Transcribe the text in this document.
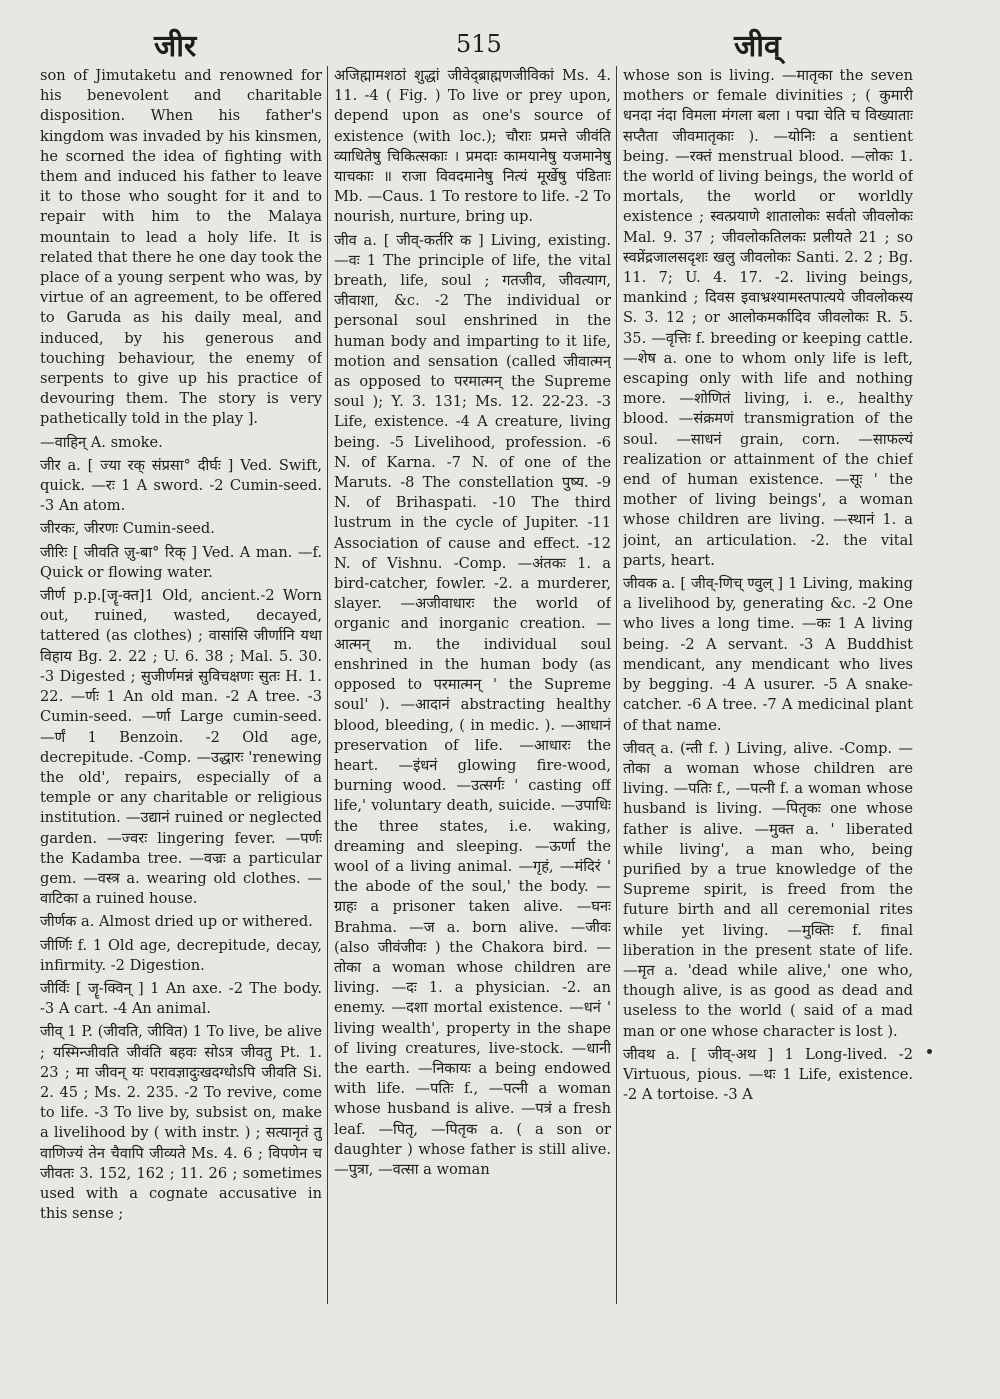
जीर	515	जीव्

son of Jimutaketu and renowned for his benevolent and charitable disposition. When his father's kingdom was invaded by his kinsmen, he scorned the idea of fighting with them and induced his father to leave it to those who sought for it and to repair with him to the Malaya mountain to lead a holy life. It is related that there he one day took the place of a young serpent who was, by virtue of an agreement, to be offered to Garuda as his daily meal, and induced, by his generous and touching behaviour, the enemy of serpents to give up his practice of devouring them. The story is very pathetically told in the play ].

—वाहिन् A. smoke.

जीर a. [ ज्या रक् संप्रसा° दीर्घः ] Ved. Swift, quick. —रः 1 A sword. -2 Cumin-seed. -3 An atom.

जीरकः, जीरणः Cumin-seed.

जीरिः [ जीवति ज़ु-बा° रिक् ] Ved. A man. —f. Quick or flowing water.

जीर्ण p.p.[जॄ-क्त]1 Old, ancient.-2 Worn out, ruined, wasted, decayed, tattered (as clothes) ; वासांसि जीर्णानि यथा विहाय Bg. 2. 22 ; U. 6. 38 ; Mal. 5. 30. -3 Digested ; सुजीर्णमन्नं सुविचक्षणः सुतः H. 1. 22. —र्णः 1 An old man. -2 A tree. -3 Cumin-seed. —र्णा Large cumin-seed. —र्णं 1 Benzoin. -2 Old age, decrepitude. -Comp. —उद्धारः 'renewing the old', repairs, especially of a temple or any charitable or religious institution. —उद्यानं ruined or neglected garden. —ज्वरः lingering fever. —पर्णः the Kadamba tree. —वज्रः a particular gem. —वस्त्र a. wearing old clothes. —वाटिका a ruined house.

जीर्णक a. Almost dried up or withered.

जीर्णिः f. 1 Old age, decrepitude, decay, infirmity. -2 Digestion.

जीर्विः [ जॄ-क्विन् ] 1 An axe. -2 The body. -3 A cart. -4 An animal.

जीव् 1 P. (जीवति, जीवित) 1 To live, be alive ; यस्मिन्जीवति जीवंति बहवः सोऽत्र जीवतु Pt. 1. 23 ; मा जीवन् यः परावज्ञादुःखदग्धोऽपि जीवति Si. 2. 45 ; Ms. 2. 235. -2 To revive, come to life. -3 To live by, subsist on, make a livelihood by ( with instr. ) ; सत्यानृतं तु वाणिज्यं तेन चैवापि जीव्यते Ms. 4. 6 ; विपणेन च जीवतः 3. 152, 162 ; 11. 26 ; sometimes used with a cognate accusative in this sense ;

अजिह्मामशठां शुद्धां जीवेद्ब्राह्मणजीविकां Ms. 4. 11. -4 ( Fig. ) To live or prey upon, depend upon as one's source of existence (with loc.); चौराः प्रमत्ते जीवंति व्याधितेषु चिकित्सकाः । प्रमदाः कामयानेषु यजमानेषु याचकाः ॥ राजा विवदमानेषु नित्यं मूर्खेषु पंडिताः Mb. —Caus. 1 To restore to life. -2 To nourish, nurture, bring up.

जीव a. [ जीव्-कर्तरि क ] Living, existing. —वः 1 The principle of life, the vital breath, life, soul ; गतजीव, जीवत्याग, जीवाशा, &c. -2 The individual or personal soul enshrined in the human body and imparting to it life, motion and sensation (called जीवात्मन् as opposed to परमात्मन् the Supreme soul ); Y. 3. 131; Ms. 12. 22-23. -3 Life, existence. -4 A creature, living being. -5 Livelihood, profession. -6 N. of Karna. -7 N. of one of the Maruts. -8 The constellation पुष्य. -9 N. of Brihaspati. -10 The third lustrum in the cycle of Jupiter. -11 Association of cause and effect. -12 N. of Vishnu. -Comp. —अंतकः 1. a bird-catcher, fowler. -2. a murderer, slayer. —अजीवाधारः the world of organic and inorganic creation. —आत्मन् m. the individual soul enshrined in the human body (as opposed to परमात्मन् ' the Supreme soul' ). —आदानं abstracting healthy blood, bleeding, ( in medic. ). —आधानं preservation of life. —आधारः the heart. —इंधनं glowing fire-wood, burning wood. —उत्सर्गः ' casting off life,' voluntary death, suicide. —उपाधिः the three states, i.e. waking, dreaming and sleeping. —ऊर्णा the wool of a living animal. —गृहं, —मंदिरं ' the abode of the soul,' the body. —ग्राहः a prisoner taken alive. —घनः Brahma. —ज a. born alive. —जीवः (also जीवंजीवः ) the Chakora bird. —तोका a woman whose children are living. —दः 1. a physician. -2. an enemy. —दशा mortal existence. —धनं ' living wealth', property in the shape of living creatures, live-stock. —धानी the earth. —निकायः a being endowed with life. —पतिः f., —पत्नी a woman whose husband is alive. —पत्रं a fresh leaf. —पितृ, —पितृक a. ( a son or daughter ) whose father is still alive. —पुत्रा, —वत्सा a woman

whose son is living. —मातृका the seven mothers or female divinities ; ( कुमारी धनदा नंदा विमला मंगला बला । पद्मा चेति च विख्याताः सप्तैता जीवमातृकाः ). —योनिः a sentient being. —रक्तं menstrual blood. —लोकः 1. the world of living beings, the world of mortals, the world or worldly existence ; स्वत्प्रयाणे शातालोकः सर्वतो जीवलोकः Mal. 9. 37 ; जीवलोकतिलकः प्रलीयते 21 ; so स्वप्नेंद्रजालसदृशः खलु जीवलोकः Santi. 2. 2 ; Bg. 11. 7; U. 4. 17. -2. living beings, mankind ; दिवस इवाभ्रश्यामस्तपात्यये जीवलोकस्य S. 3. 12 ; or आलोकमर्कादिव जीवलोकः R. 5. 35. —वृत्तिः f. breeding or keeping cattle. —शेष a. one to whom only life is left, escaping only with life and nothing more. —शोणितं living, i. e., healthy blood. —संक्रमणं transmigration of the soul. —साधनं grain, corn. —साफल्यं realization or attainment of the chief end of human existence. —सूः ' the mother of living beings', a woman whose children are living. —स्थानं 1. a joint, an articulation. -2. the vital parts, heart.

जीवक a. [ जीव्-णिच् ण्वुल् ] 1 Living, making a livelihood by, generating &c. -2 One who lives a long time. —कः 1 A living being. -2 A servant. -3 A Buddhist mendicant, any mendicant who lives by begging. -4 A usurer. -5 A snake-catcher. -6 A tree. -7 A medicinal plant of that name.

जीवत् a. (न्ती f. ) Living, alive. -Comp. —तोका a woman whose children are living. —पतिः f., —पत्नी f. a woman whose husband is living. —पितृकः one whose father is alive. —मुक्त a. ' liberated while living', a man who, being purified by a true knowledge of the Supreme spirit, is freed from the future birth and all ceremonial rites while yet living. —मुक्तिः f. final liberation in the present state of life. —मृत a. 'dead while alive,' one who, though alive, is as good as dead and useless to the world ( said of a mad man or one whose character is lost ).

जीवथ a. [ जीव्-अथ ] 1 Long-lived. -2 Virtuous, pious. —थः 1 Life, existence. -2 A tortoise. -3 A
